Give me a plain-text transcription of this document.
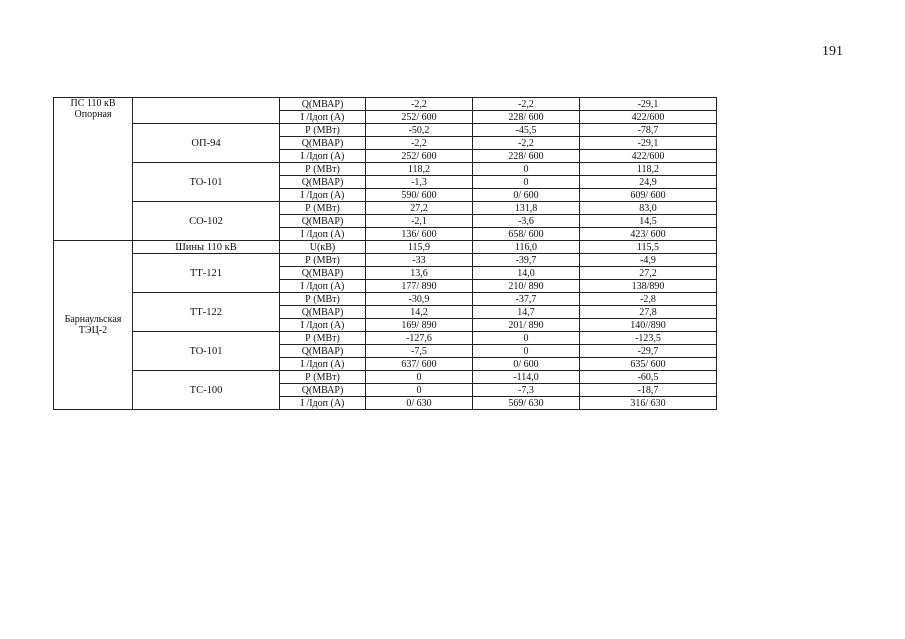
191
ПС 110 кВ
Опорная		Q(МВАР)	-2,2	-2,2	-29,1
		I /Iдоп (А)	252/ 600	228/ 600	422/600
	ОП-94	Р (МВт)	-50,2	-45,5	-78,7
		Q(МВАР)	-2,2	-2,2	-29,1
		I /Iдоп (А)	252/ 600	228/ 600	422/600
	ТО-101	Р (МВт)	118,2	0	118,2
		Q(МВАР)	-1,3	0	24,9
		I /Iдоп (А)	590/ 600	0/ 600	609/ 600
	СО-102	Р (МВт)	27,2	131,8	83,0
		Q(МВАР)	-2,1	-3,6	14,5
		I /Iдоп (А)	136/ 600	658/ 600	423/ 600
Барнаульская
ТЭЦ-2	Шины 110 кВ	U(кВ)	115,9	116,0	115,5
	ТТ-121	Р (МВт)	-33	-39,7	-4,9
		Q(МВАР)	13,6	14,0	27,2
		I /Iдоп (А)	177/ 890	210/ 890	138/890
	ТТ-122	Р (МВт)	-30,9	-37,7	-2,8
		Q(МВАР)	14,2	14,7	27,8
		I /Iдоп (А)	169/ 890	201/ 890	140//890
	ТО-101	Р (МВт)	-127,6	0	-123,5
		Q(МВАР)	-7,5	0	-29,7
		I /Iдоп (А)	637/ 600	0/ 600	635/ 600
	ТС-100	Р (МВт)	0	-114,0	-60,5
		Q(МВАР)	0	-7,3	-18,7
		I /Iдоп (А)	0/ 630	569/ 630	316/ 630
